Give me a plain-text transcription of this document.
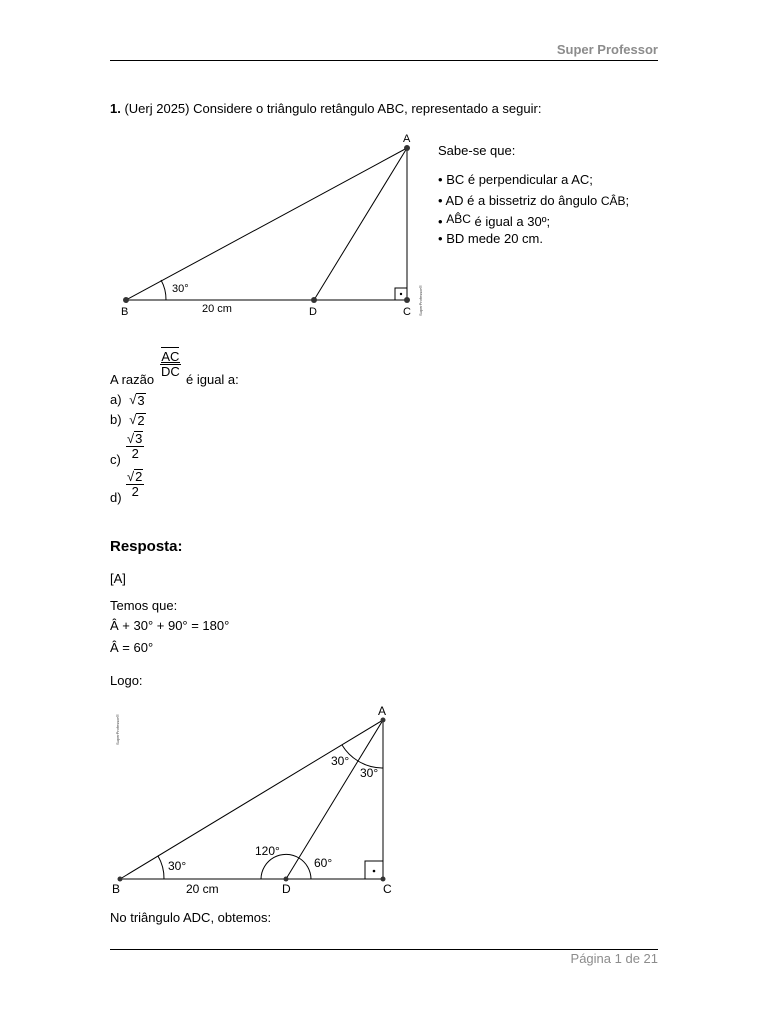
Super Professor
1. (Uerj 2025) Considere o triângulo retângulo ABC, representado a seguir:
A
B	C
D
30°
20 cm	SuperProfessor®
Sabe-se que:
• BC é perpendicular a AC;
• AD é a bissetriz do ângulo CÂB;
• AB̂C é igual a 30º;
• BD mede 20 cm.
A razão
$\frac{AC}{DC}$
é igual a:
a) √ 3
b) √ 2
$c) \frac{√ 3}{2}$
$d) \frac{√ 2}{2}$
Resposta:
[A]
Temos que:
Â + 30° + 90° = 180°
Â = 60°
Logo:
A
B	C
D
30°
30°
30°
120°
60°
20 cm
SuperProfessor®
No triângulo ADC, obtemos:
Página 1 de 21
